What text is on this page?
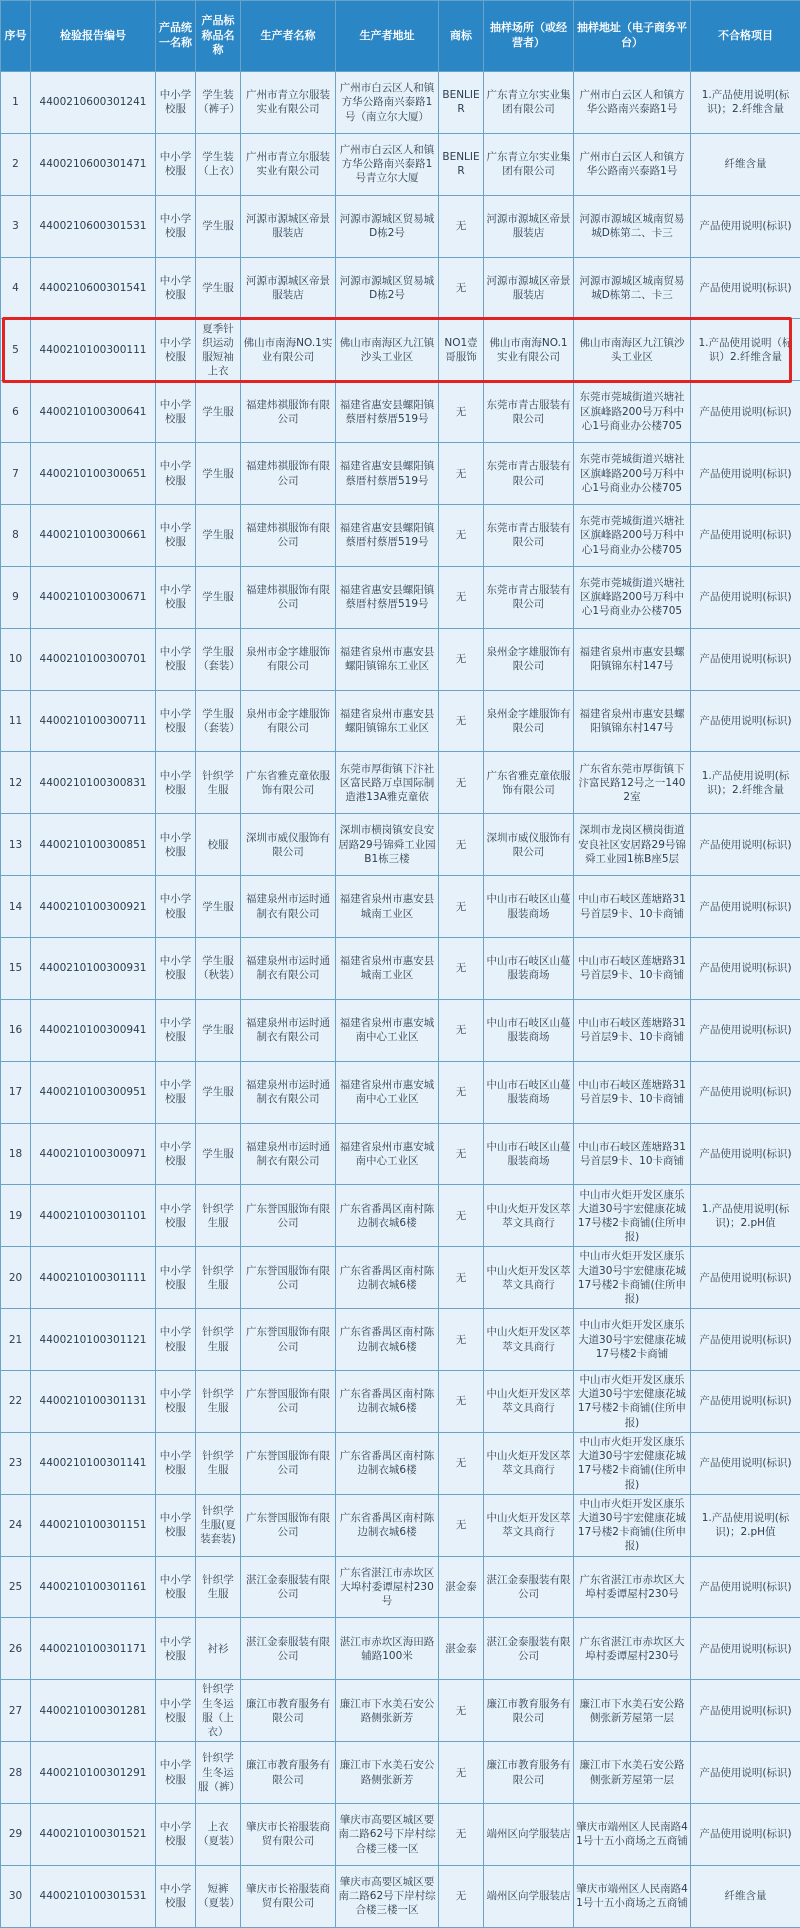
序号	检验报告编号	产品统一名称	产品标称品名称	生产者名称	生产者地址	商标	抽样场所（或经营者）	抽样地址（电子商务平台）	不合格项目
1	4400210600301241	中小学校服	学生装（裤子）	广州市青立尔服装实业有限公司	广州市白云区人和镇方华公路南兴泰路1号（南立尔大厦）	BENLIER	广东青立尔实业集团有限公司	广州市白云区人和镇方华公路南兴泰路1号	1.产品使用说明(标识)；2.纤维含量
2	4400210600301471	中小学校服	学生装（上衣）	广州市青立尔服装实业有限公司	广州市白云区人和镇方华公路南兴泰路1号青立尔大厦	BENLIER	广东青立尔实业集团有限公司	广州市白云区人和镇方华公路南兴泰路1号	纤维含量
3	4400210600301531	中小学校服	学生服	河源市源城区帝景服装店	河源市源城区贸易城D栋2号	无	河源市源城区帝景服装店	河源市源城区城南贸易城D栋第二、卡三	产品使用说明(标识)
4	4400210600301541	中小学校服	学生服	河源市源城区帝景服装店	河源市源城区贸易城D栋2号	无	河源市源城区帝景服装店	河源市源城区城南贸易城D栋第二、卡三	产品使用说明(标识)
5	4400210100300111	中小学校服	夏季针织运动服短袖上衣	佛山市南海NO.1实业有限公司	佛山市南海区九江镇沙头工业区	NO1壹哥服饰	佛山市南海NO.1实业有限公司	佛山市南海区九江镇沙头工业区	1.产品使用说明（标识）2.纤维含量
6	4400210100300641	中小学校服	学生服	福建炜祺服饰有限公司	福建省惠安县螺阳镇蔡厝村蔡厝519号	无	东莞市青古服装有限公司	东莞市莞城街道兴塘社区旗峰路200号万科中心1号商业办公楼705	产品使用说明(标识)
7	4400210100300651	中小学校服	学生服	福建炜祺服饰有限公司	福建省惠安县螺阳镇蔡厝村蔡厝519号	无	东莞市青古服装有限公司	东莞市莞城街道兴塘社区旗峰路200号万科中心1号商业办公楼705	产品使用说明(标识)
8	4400210100300661	中小学校服	学生服	福建炜祺服饰有限公司	福建省惠安县螺阳镇蔡厝村蔡厝519号	无	东莞市青古服装有限公司	东莞市莞城街道兴塘社区旗峰路200号万科中心1号商业办公楼705	产品使用说明(标识)
9	4400210100300671	中小学校服	学生服	福建炜祺服饰有限公司	福建省惠安县螺阳镇蔡厝村蔡厝519号	无	东莞市青古服装有限公司	东莞市莞城街道兴塘社区旗峰路200号万科中心1号商业办公楼705	产品使用说明(标识)
10	4400210100300701	中小学校服	学生服（套装）	泉州市金字雄服饰有限公司	福建省泉州市惠安县螺阳镇锦东工业区	无	泉州金字雄服饰有限公司	福建省泉州市惠安县螺阳镇锦东村147号	产品使用说明(标识)
11	4400210100300711	中小学校服	学生服（套装）	泉州市金字雄服饰有限公司	福建省泉州市惠安县螺阳镇锦东工业区	无	泉州金字雄服饰有限公司	福建省泉州市惠安县螺阳镇锦东村147号	产品使用说明(标识)
12	4400210100300831	中小学校服	针织学生服	广东省雅克童依服饰有限公司	东莞市厚街镇下汴社区富民路万卓国际制造港13A雅克童依	无	广东省雅克童依服饰有限公司	广东省东莞市厚街镇下汴富民路12号之一1402室	1.产品使用说明(标识)；2.纤维含量
13	4400210100300851	中小学校服	校服	深圳市威仪服饰有限公司	深圳市横岗镇安良安居路29号锦舜工业园B1栋三楼	无	深圳市威仪服饰有限公司	深圳市龙岗区横岗街道安良社区安居路29号锦舜工业园1栋B座5层	产品使用说明(标识)
14	4400210100300921	中小学校服	学生服	福建泉州市运时通制衣有限公司	福建省泉州市惠安县城南工业区	无	中山市石岐区山蔓服装商场	中山市石岐区莲塘路31号首层9卡、10卡商铺	产品使用说明(标识)
15	4400210100300931	中小学校服	学生服（秋装）	福建泉州市运时通制衣有限公司	福建省泉州市惠安县城南工业区	无	中山市石岐区山蔓服装商场	中山市石岐区莲塘路31号首层9卡、10卡商铺	产品使用说明(标识)
16	4400210100300941	中小学校服	学生服	福建泉州市运时通制衣有限公司	福建省泉州市惠安城南中心工业区	无	中山市石岐区山蔓服装商场	中山市石岐区莲塘路31号首层9卡、10卡商铺	产品使用说明(标识)
17	4400210100300951	中小学校服	学生服	福建泉州市运时通制衣有限公司	福建省泉州市惠安城南中心工业区	无	中山市石岐区山蔓服装商场	中山市石岐区莲塘路31号首层9卡、10卡商铺	产品使用说明(标识)
18	4400210100300971	中小学校服	学生服	福建泉州市运时通制衣有限公司	福建省泉州市惠安城南中心工业区	无	中山市石岐区山蔓服装商场	中山市石岐区莲塘路31号首层9卡、10卡商铺	产品使用说明(标识)
19	4400210100301101	中小学校服	针织学生服	广东誉国服饰有限公司	广东省番禺区南村陈边制衣城6楼	无	中山火炬开发区萃萃文具商行	中山市火炬开发区康乐大道30号宇宏健康花城17号楼2卡商铺(住所申报)	1.产品使用说明(标识)；2.pH值
20	4400210100301111	中小学校服	针织学生服	广东誉国服饰有限公司	广东省番禺区南村陈边制衣城6楼	无	中山火炬开发区萃萃文具商行	中山市火炬开发区康乐大道30号宇宏健康花城17号楼2卡商铺(住所申报)	产品使用说明(标识)
21	4400210100301121	中小学校服	针织学生服	广东誉国服饰有限公司	广东省番禺区南村陈边制衣城6楼	无	中山火炬开发区萃萃文具商行	中山市火炬开发区康乐大道30号宇宏健康花城17号楼2卡商铺	产品使用说明(标识)
22	4400210100301131	中小学校服	针织学生服	广东誉国服饰有限公司	广东省番禺区南村陈边制衣城6楼	无	中山火炬开发区萃萃文具商行	中山市火炬开发区康乐大道30号宇宏健康花城17号楼2卡商铺(住所申报)	产品使用说明(标识)
23	4400210100301141	中小学校服	针织学生服	广东誉国服饰有限公司	广东省番禺区南村陈边制衣城6楼	无	中山火炬开发区萃萃文具商行	中山市火炬开发区康乐大道30号宇宏健康花城17号楼2卡商铺(住所申报)	产品使用说明(标识)
24	4400210100301151	中小学校服	针织学生服(夏装套装)	广东誉国服饰有限公司	广东省番禺区南村陈边制衣城6楼	无	中山火炬开发区萃萃文具商行	中山市火炬开发区康乐大道30号宇宏健康花城17号楼2卡商铺(住所申报)	1.产品使用说明(标识)；2.pH值
25	4400210100301161	中小学校服	针织学生服	湛江金泰服装有限公司	广东省湛江市赤坎区大埠村委谭屋村230号	湛金泰	湛江金泰服装有限公司	广东省湛江市赤坎区大埠村委谭屋村230号	产品使用说明(标识)
26	4400210100301171	中小学校服	衬衫	湛江金泰服装有限公司	湛江市赤坎区海田路辅路100米	湛金泰	湛江金泰服装有限公司	广东省湛江市赤坎区大埠村委谭屋村230号	产品使用说明(标识)
27	4400210100301281	中小学校服	针织学生冬运服（上衣）	廉江市教育服务有限公司	廉江市下水美石安公路侧张新芳	无	廉江市教育服务有限公司	廉江市下水美石安公路侧张新芳屋第一层	产品使用说明(标识)
28	4400210100301291	中小学校服	针织学生冬运服（裤）	廉江市教育服务有限公司	廉江市下水美石安公路侧张新芳	无	廉江市教育服务有限公司	廉江市下水美石安公路侧张新芳屋第一层	产品使用说明(标识)
29	4400210100301521	中小学校服	上衣（夏装）	肇庆市长裕服装商贸有限公司	肇庆市高要区城区要南二路62号下岸村综合楼三楼一区	无	端州区向学服装店	肇庆市端州区人民南路41号十五小商场之五商铺	产品使用说明(标识)
30	4400210100301531	中小学校服	短裤（夏装）	肇庆市长裕服装商贸有限公司	肇庆市高要区城区要南二路62号下岸村综合楼三楼一区	无	端州区向学服装店	肇庆市端州区人民南路41号十五小商场之五商铺	纤维含量
